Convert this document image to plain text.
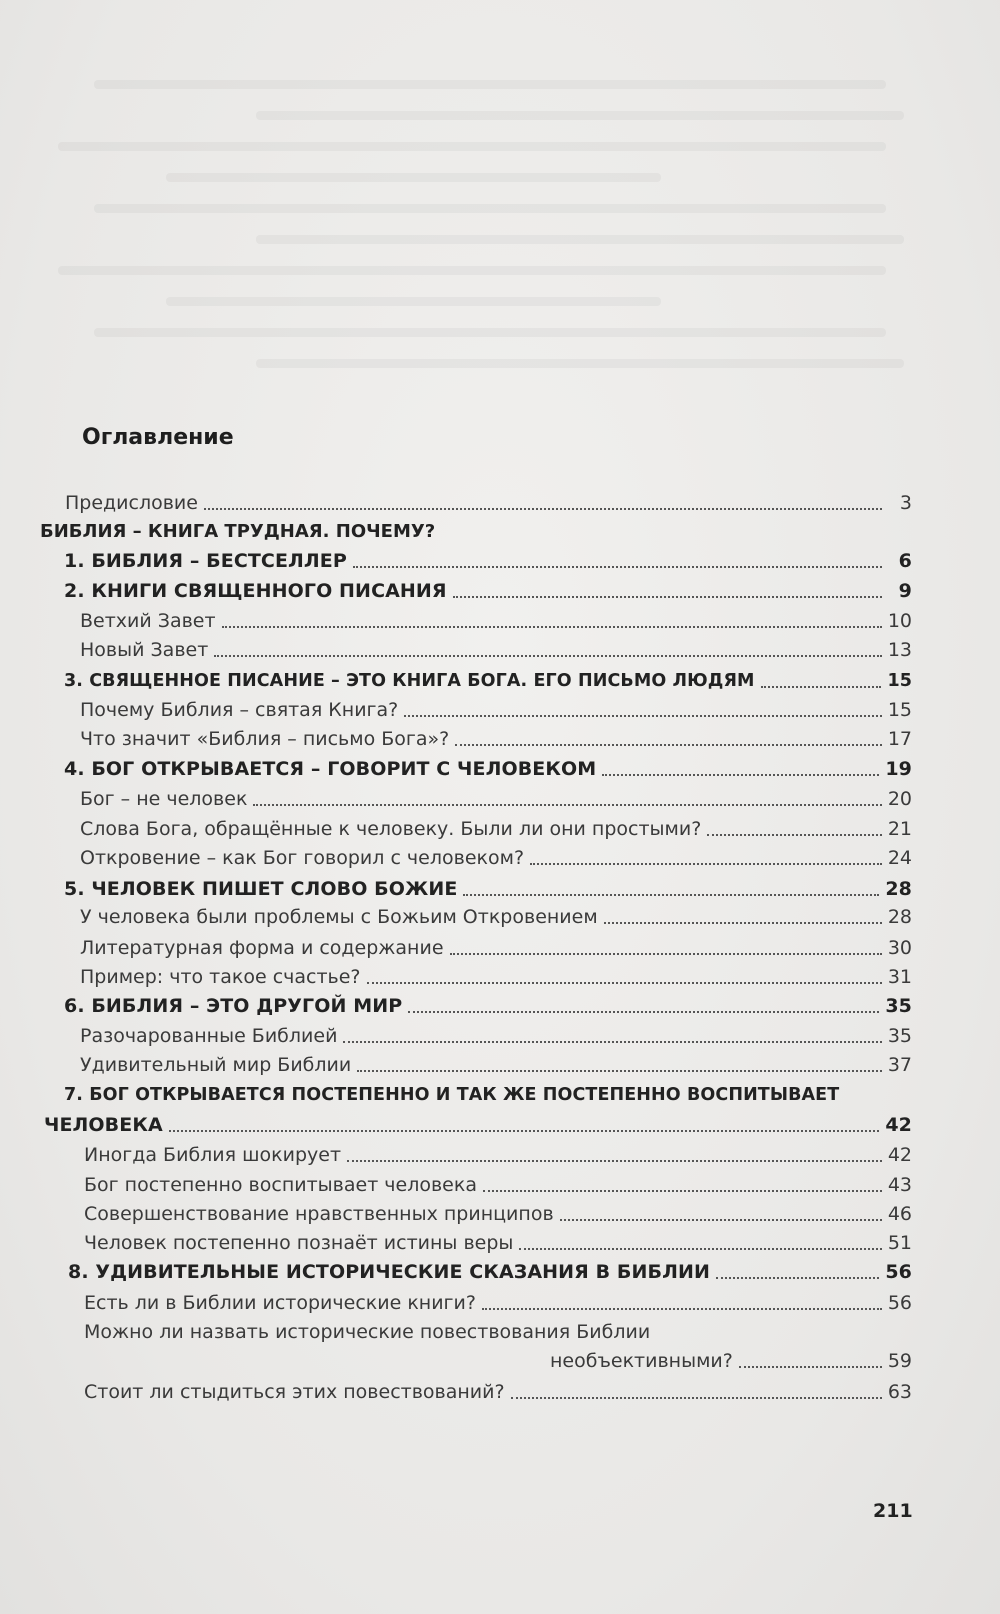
Оглавление
Предисловие	3
БИБЛИЯ – КНИГА ТРУДНАЯ. ПОЧЕМУ?
1. БИБЛИЯ – БЕСТСЕЛЛЕР	6
2. КНИГИ СВЯЩЕННОГО ПИСАНИЯ	9
Ветхий Завет	10
Новый Завет	13
3. СВЯЩЕННОЕ ПИСАНИЕ – ЭТО КНИГА БОГА. ЕГО ПИСЬМО ЛЮДЯМ	15
Почему Библия – святая Книга?	15
Что значит «Библия – письмо Бога»?	17
4. БОГ ОТКРЫВАЕТСЯ – ГОВОРИТ С ЧЕЛОВЕКОМ	19
Бог – не человек	20
Слова Бога, обращённые к человеку. Были ли они простыми?	21
Откровение – как Бог говорил с человеком?	24
5. ЧЕЛОВЕК ПИШЕТ СЛОВО БОЖИЕ	28
У человека были проблемы с Божьим Откровением	28
Литературная форма и содержание	30
Пример: что такое счастье?	31
6. БИБЛИЯ – ЭТО ДРУГОЙ МИР	35
Разочарованные Библией	35
Удивительный мир Библии	37
7. БОГ ОТКРЫВАЕТСЯ ПОСТЕПЕННО И ТАК ЖЕ ПОСТЕПЕННО ВОСПИТЫВАЕТ
ЧЕЛОВЕКА	42
Иногда Библия шокирует	42
Бог постепенно воспитывает человека	43
Совершенствование нравственных принципов	46
Человек постепенно познаёт истины веры	51
8. УДИВИТЕЛЬНЫЕ ИСТОРИЧЕСКИЕ СКАЗАНИЯ В БИБЛИИ	56
Есть ли в Библии исторические книги?	56
Можно ли назвать исторические повествования Библии
необъективными?	59
Стоит ли стыдиться этих повествований?	63
211
